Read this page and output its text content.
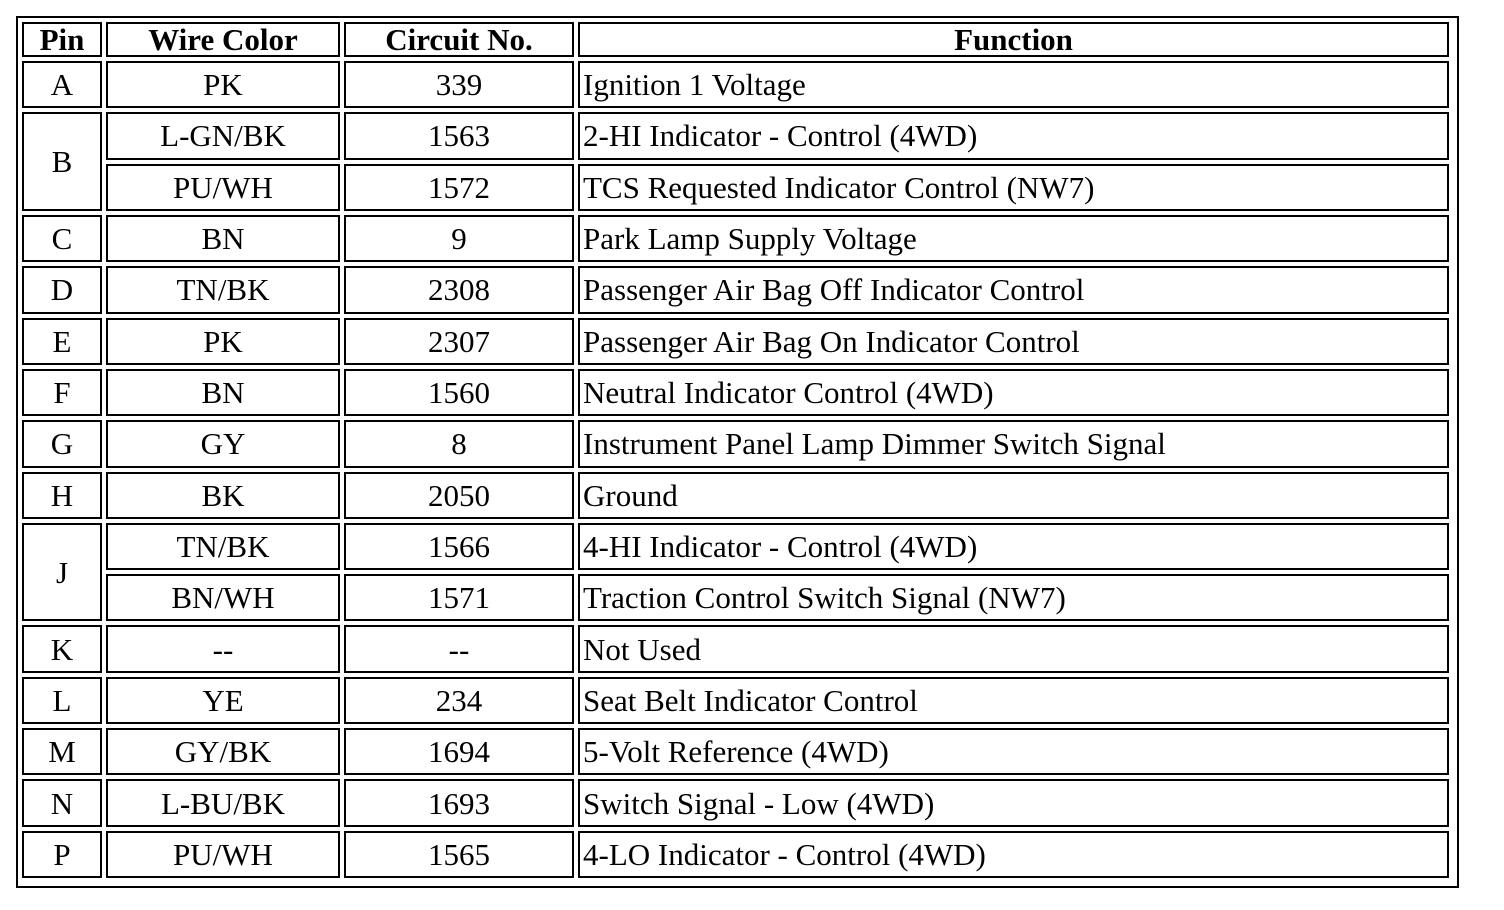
Pin	Wire Color	Circuit No.	Function
A	PK	339	Ignition 1 Voltage
B	L-GN/BK	1563	2-HI Indicator - Control (4WD)
	PU/WH	1572	TCS Requested Indicator Control (NW7)
C	BN	9	Park Lamp Supply Voltage
D	TN/BK	2308	Passenger Air Bag Off Indicator Control
E	PK	2307	Passenger Air Bag On Indicator Control
F	BN	1560	Neutral Indicator Control (4WD)
G	GY	8	Instrument Panel Lamp Dimmer Switch Signal
H	BK	2050	Ground
J	TN/BK	1566	4-HI Indicator - Control (4WD)
	BN/WH	1571	Traction Control Switch Signal (NW7)
K	--	--	Not Used
L	YE	234	Seat Belt Indicator Control
M	GY/BK	1694	5-Volt Reference (4WD)
N	L-BU/BK	1693	Switch Signal - Low (4WD)
P	PU/WH	1565	4-LO Indicator - Control (4WD)
